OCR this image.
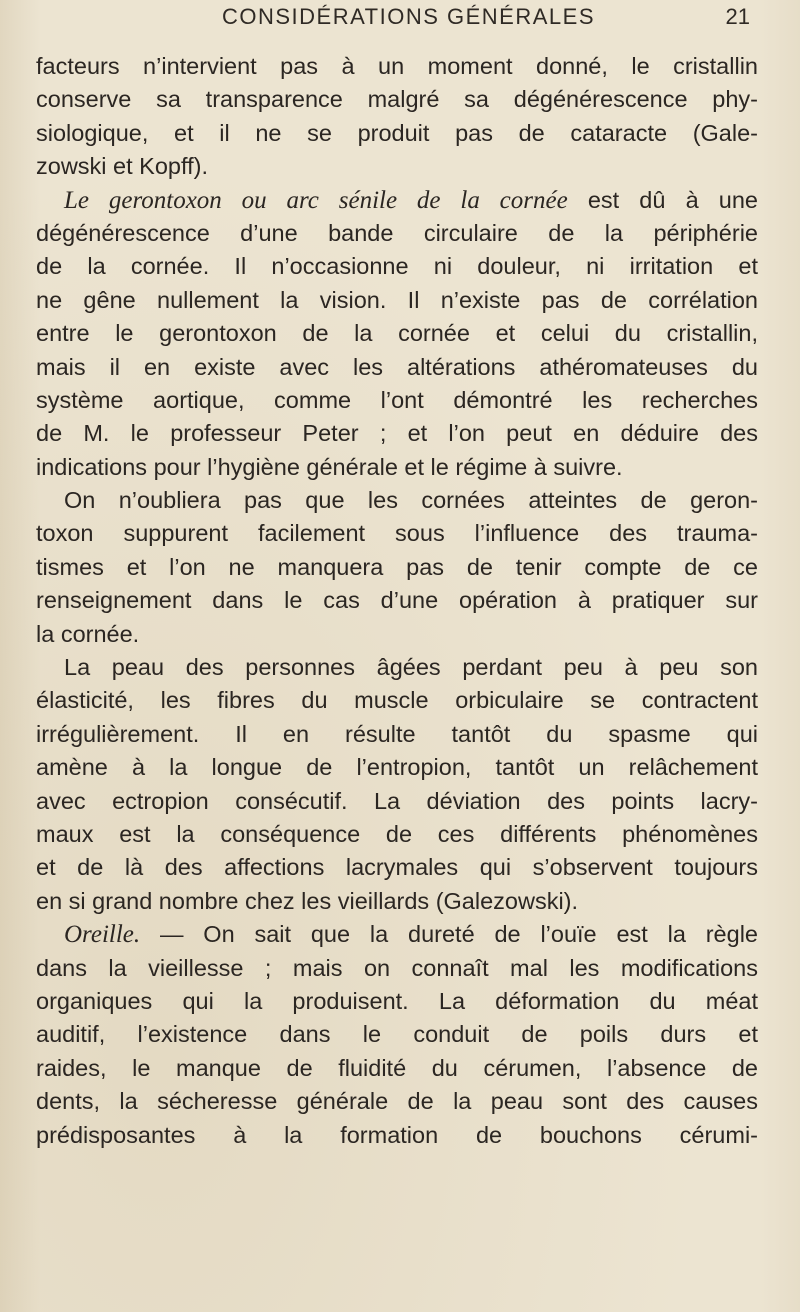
CONSIDÉRATIONS GÉNÉRALES	21
facteurs n’intervient pas à un moment donné, le cristallin
conserve sa transparence malgré sa dégénérescence phy-
siologique, et il ne se produit pas de cataracte (Gale-
zowski et Kopff).
Le gerontoxon ou arc sénile de la cornée est dû à une
dégénérescence d’une bande circulaire de la périphérie
de la cornée. Il n’occasionne ni douleur, ni irritation et
ne gêne nullement la vision. Il n’existe pas de corrélation
entre le gerontoxon de la cornée et celui du cristallin,
mais il en existe avec les altérations athéromateuses du
système aortique, comme l’ont démontré les recherches
de M. le professeur Peter ; et l’on peut en déduire des
indications pour l’hygiène générale et le régime à suivre.
On n’oubliera pas que les cornées atteintes de geron-
toxon suppurent facilement sous l’influence des trauma-
tismes et l’on ne manquera pas de tenir compte de ce
renseignement dans le cas d’une opération à pratiquer sur
la cornée.
La peau des personnes âgées perdant peu à peu son
élasticité, les fibres du muscle orbiculaire se contractent
irrégulièrement. Il en résulte tantôt du spasme qui
amène à la longue de l’entropion, tantôt un relâchement
avec ectropion consécutif. La déviation des points lacry-
maux est la conséquence de ces différents phénomènes
et de là des affections lacrymales qui s’observent toujours
en si grand nombre chez les vieillards (Galezowski).
Oreille. — On sait que la dureté de l’ouïe est la règle
dans la vieillesse ; mais on connaît mal les modifications
organiques qui la produisent. La déformation du méat
auditif, l’existence dans le conduit de poils durs et
raides, le manque de fluidité du cérumen, l’absence de
dents, la sécheresse générale de la peau sont des causes
prédisposantes à la formation de bouchons cérumi-
